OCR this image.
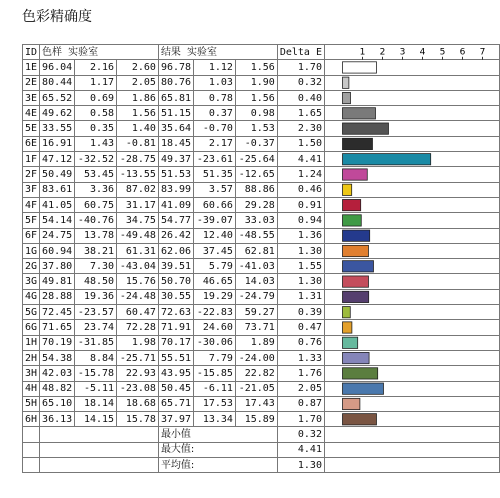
色彩精确度
ID	色样 实验室			结果 实验室			Delta E	
1E	96.04	2.16	2.60	96.78	1.12	1.56	1.70	
2E	80.44	1.17	2.05	80.76	1.03	1.90	0.32	
3E	65.52	0.69	1.86	65.81	0.78	1.56	0.40	
4E	49.62	0.58	1.56	51.15	0.37	0.98	1.65	
5E	33.55	0.35	1.40	35.64	-0.70	1.53	2.30	
6E	16.91	1.43	-0.81	18.45	2.17	-0.37	1.50	
1F	47.12	-32.52	-28.75	49.37	-23.61	-25.64	4.41	
2F	50.49	53.45	-13.55	51.53	51.35	-12.65	1.24	
3F	83.61	3.36	87.02	83.99	3.57	88.86	0.46	
4F	41.05	60.75	31.17	41.09	60.66	29.28	0.91	
5F	54.14	-40.76	34.75	54.77	-39.07	33.03	0.94	
6F	24.75	13.78	-49.48	26.42	12.40	-48.55	1.36	
1G	60.94	38.21	61.31	62.06	37.45	62.81	1.30	
2G	37.80	7.30	-43.04	39.51	5.79	-41.03	1.55	
3G	49.81	48.50	15.76	50.70	46.65	14.03	1.30	
4G	28.88	19.36	-24.48	30.55	19.29	-24.79	1.31	
5G	72.45	-23.57	60.47	72.63	-22.83	59.27	0.39	
6G	71.65	23.74	72.28	71.91	24.60	73.71	0.47	
1H	70.19	-31.85	1.98	70.17	-30.06	1.89	0.76	
2H	54.38	8.84	-25.71	55.51	7.79	-24.00	1.33	
3H	42.03	-15.78	22.93	43.95	-15.85	22.82	1.76	
4H	48.82	-5.11	-23.08	50.45	-6.11	-21.05	2.05	
5H	65.10	18.14	18.68	65.71	17.53	17.43	0.87	
6H	36.13	14.15	15.78	37.97	13.34	15.89	1.70	
				最小值			0.32	
				最大值:			4.41	
				平均值:			1.30	
1 2 3 4 5 6 7
